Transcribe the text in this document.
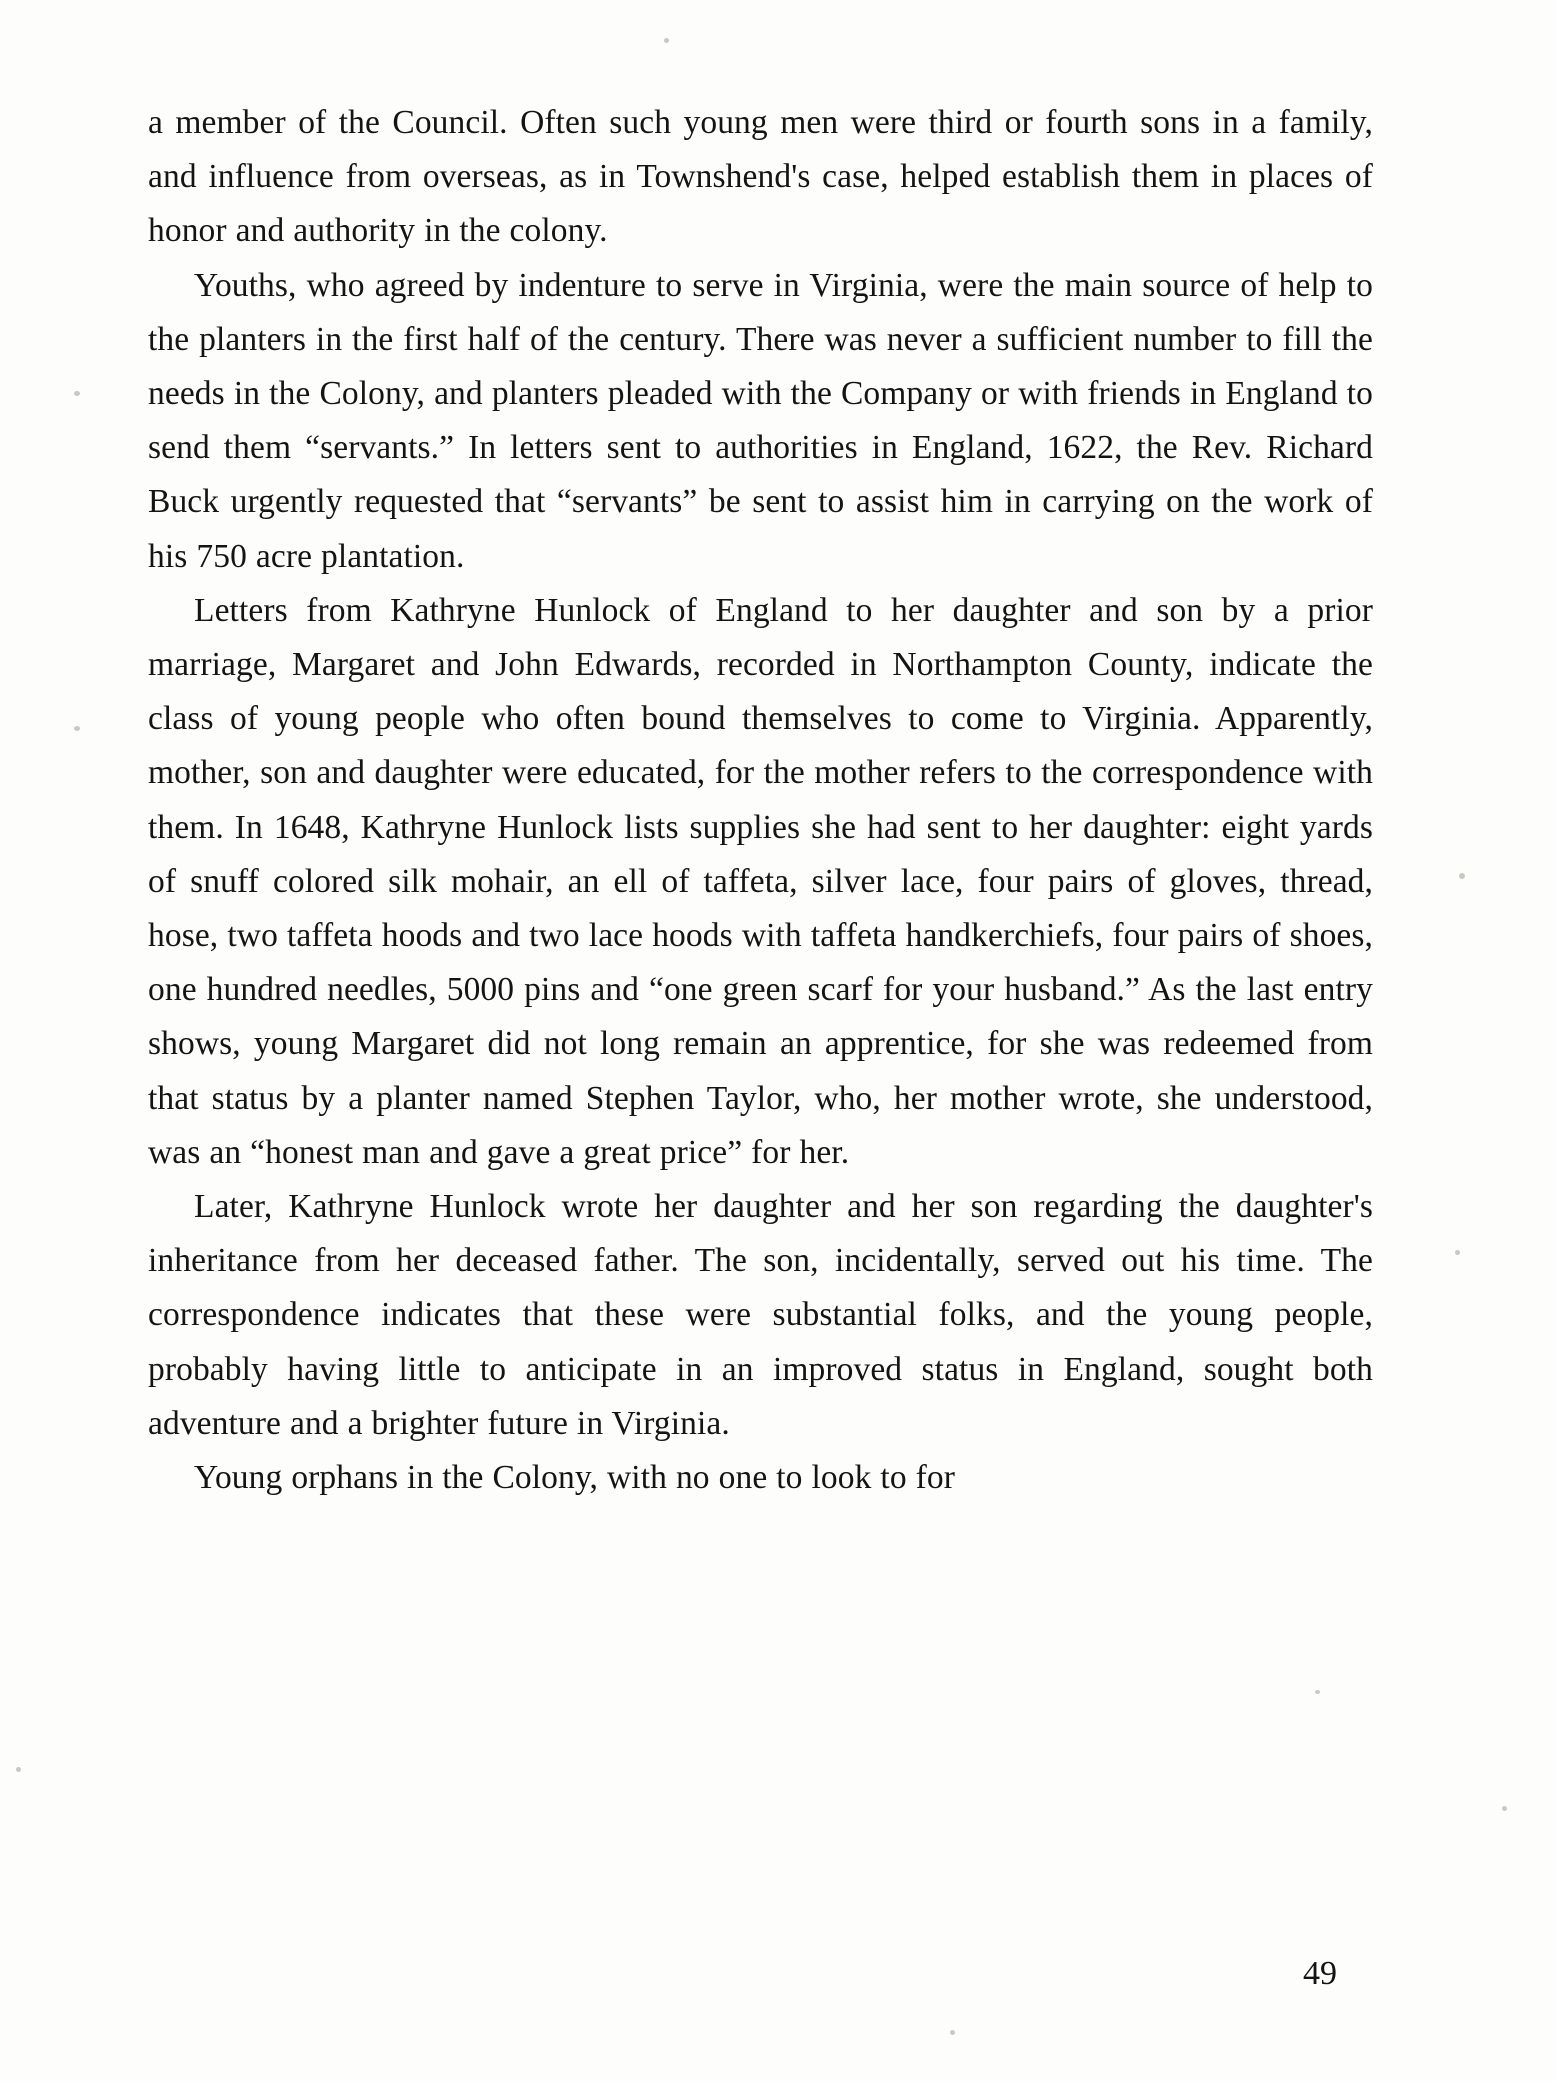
a member of the Council. Often such young men were third or fourth sons in a family, and influence from overseas, as in Townshend's case, helped establish them in places of honor and authority in the colony.

Youths, who agreed by indenture to serve in Virginia, were the main source of help to the planters in the first half of the century. There was never a sufficient number to fill the needs in the Colony, and planters pleaded with the Company or with friends in England to send them “servants.” In letters sent to authorities in England, 1622, the Rev. Richard Buck urgently requested that “servants” be sent to assist him in carrying on the work of his 750 acre plantation.

Letters from Kathryne Hunlock of England to her daughter and son by a prior marriage, Margaret and John Edwards, recorded in Northampton County, indicate the class of young people who often bound themselves to come to Virginia. Apparently, mother, son and daughter were educated, for the mother refers to the correspondence with them. In 1648, Kathryne Hunlock lists supplies she had sent to her daughter: eight yards of snuff colored silk mohair, an ell of taffeta, silver lace, four pairs of gloves, thread, hose, two taffeta hoods and two lace hoods with taffeta handkerchiefs, four pairs of shoes, one hundred needles, 5000 pins and “one green scarf for your husband.” As the last entry shows, young Margaret did not long remain an apprentice, for she was redeemed from that status by a planter named Stephen Taylor, who, her mother wrote, she understood, was an “honest man and gave a great price” for her.

Later, Kathryne Hunlock wrote her daughter and her son regarding the daughter's inheritance from her deceased father. The son, incidentally, served out his time. The correspondence indicates that these were substantial folks, and the young people, probably having little to anticipate in an improved status in England, sought both adventure and a brighter future in Virginia.

Young orphans in the Colony, with no one to look to for

49
